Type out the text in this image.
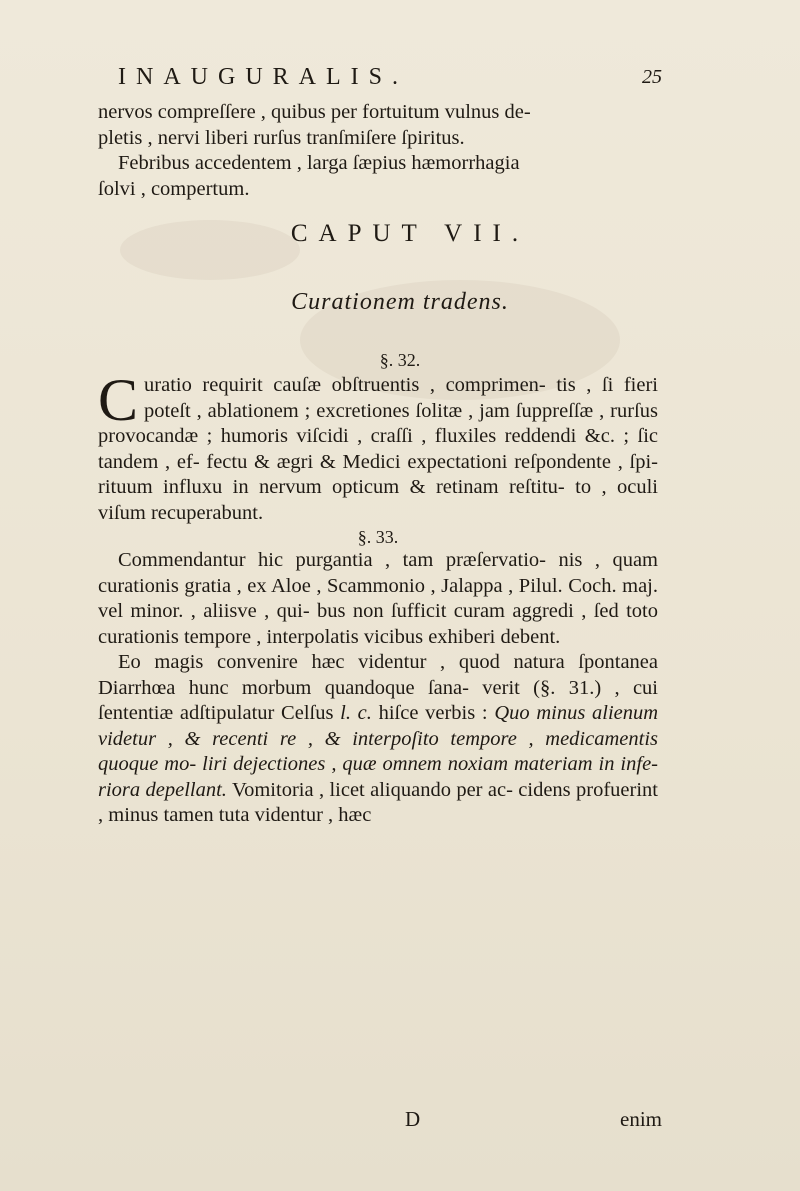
INAUGURALIS.	25

nervos compreſſere , quibus per fortuitum vulnus de-

pletis , nervi liberi rurſus tranſmiſere ſpiritus.

Febribus accedentem , larga ſæpius hæmorrhagia

ſolvi , compertum.

CAPUT VII.
Curationem tradens.
§. 32.

Curatio requirit cauſæ obſtruentis , comprimen- tis , ſi fieri poteſt , ablationem ; excretiones ſolitæ , jam ſuppreſſæ , rurſus provocandæ ; humoris viſcidi , craſſi , fluxiles reddendi &c. ; ſic tandem , ef- fectu & ægri & Medici expectationi reſpondente , ſpi- rituum influxu in nervum opticum & retinam reſtitu- to , oculi viſum recuperabunt.

§. 33.

Commendantur hic purgantia , tam præſervatio- nis , quam curationis gratia , ex Aloe , Scammonio , Jalappa , Pilul. Coch. maj. vel minor. , aliisve , qui- bus non ſufficit curam aggredi , ſed toto curationis tempore , interpolatis vicibus exhiberi debent.

Eo magis convenire hæc videntur , quod natura ſpontanea Diarrhœa hunc morbum quandoque ſana- verit (§. 31.) , cui ſententiæ adſtipulatur Celſus l. c. hiſce verbis : Quo minus alienum videtur , & recenti re , & interpoſito tempore , medicamentis quoque mo- liri dejectiones , quæ omnem noxiam materiam in infe- riora depellant. Vomitoria , licet aliquando per ac- cidens profuerint , minus tamen tuta videntur , hæc

D	enim
